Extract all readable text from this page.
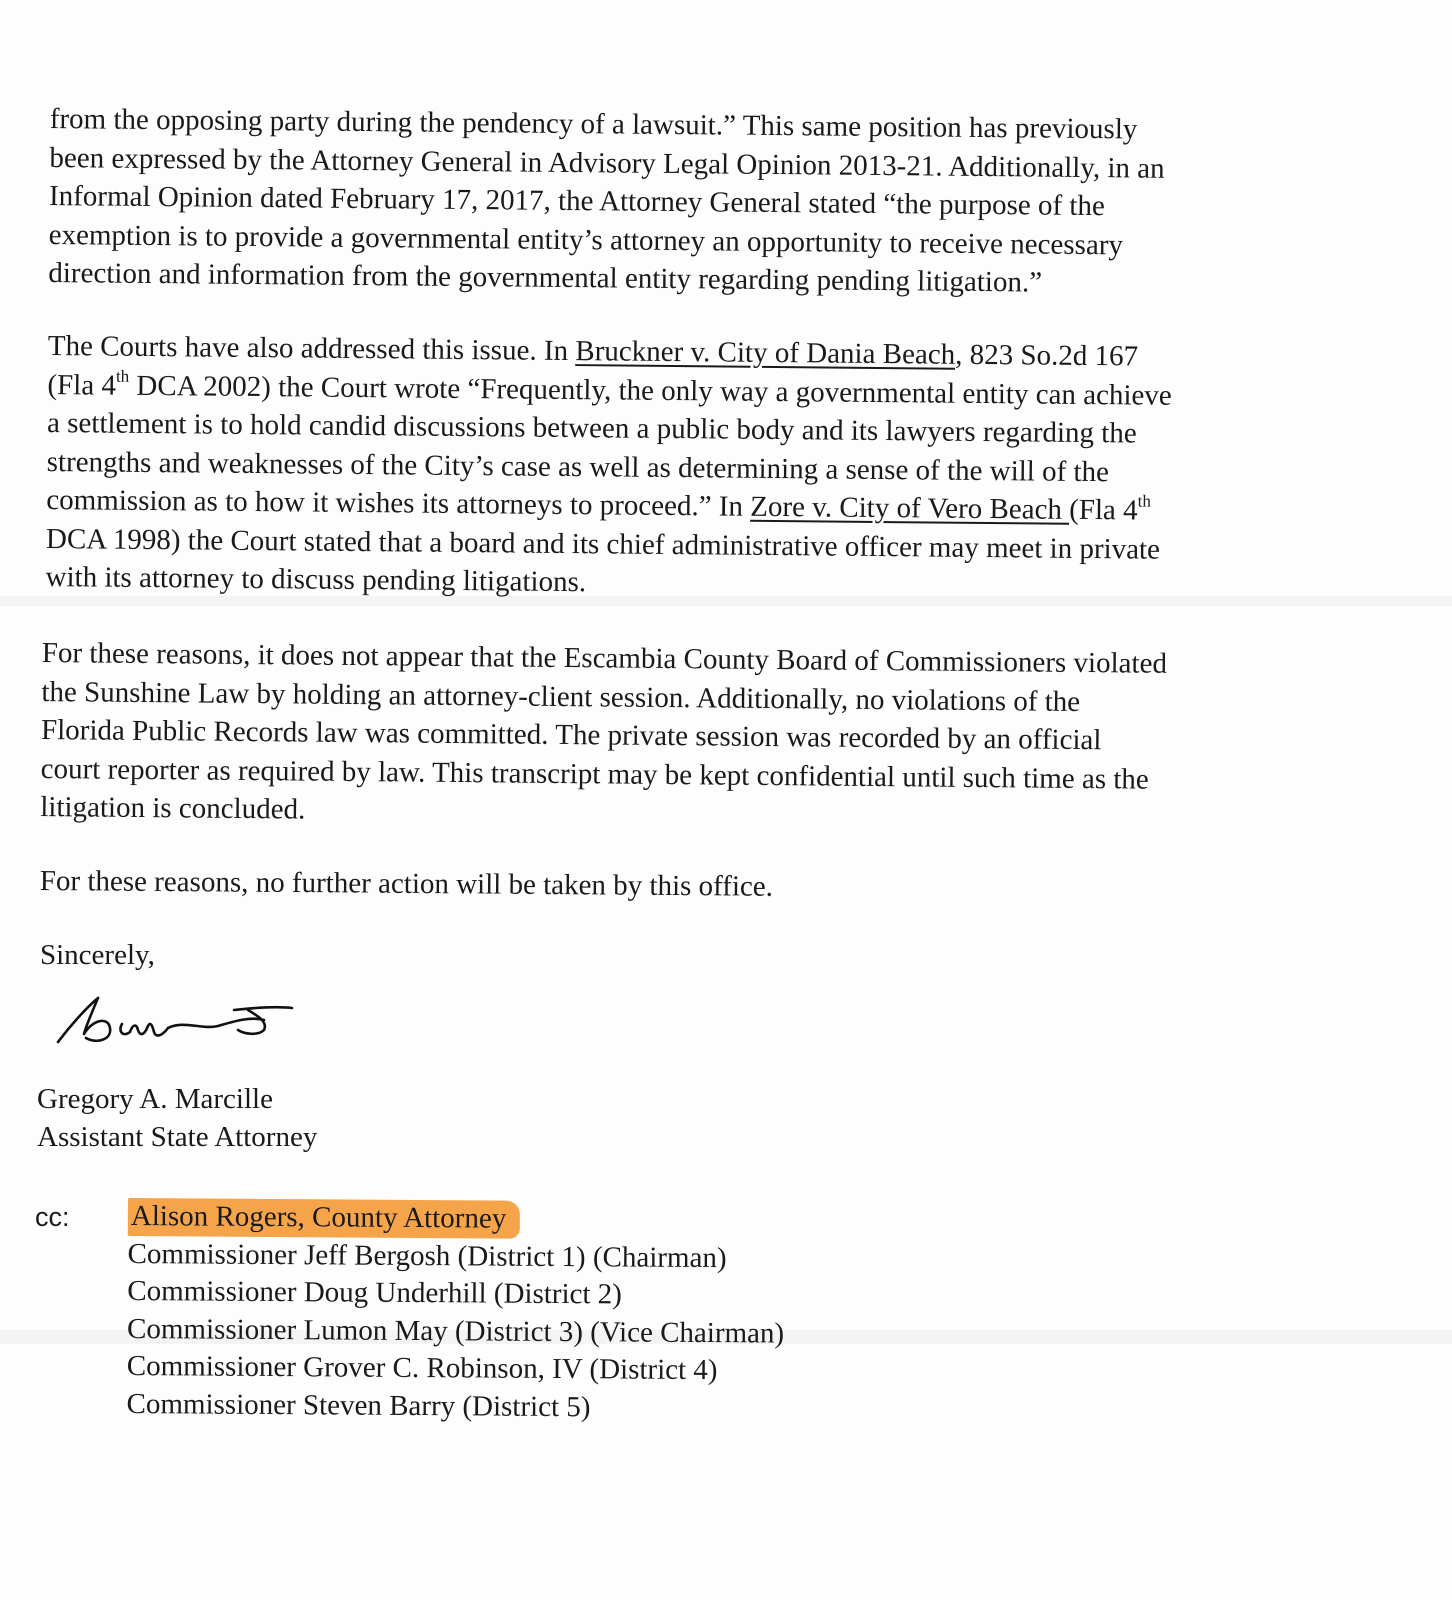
from the opposing party during the pendency of a lawsuit.” This same position has previously
been expressed by the Attorney General in Advisory Legal Opinion 2013-21. Additionally, in an
Informal Opinion dated February 17, 2017, the Attorney General stated “the purpose of the
exemption is to provide a governmental entity’s attorney an opportunity to receive necessary
direction and information from the governmental entity regarding pending litigation.”

The Courts have also addressed this issue. In Bruckner v. City of Dania Beach, 823 So.2d 167
(Fla 4th DCA 2002) the Court wrote “Frequently, the only way a governmental entity can achieve
a settlement is to hold candid discussions between a public body and its lawyers regarding the
strengths and weaknesses of the City’s case as well as determining a sense of the will of the
commission as to how it wishes its attorneys to proceed.” In Zore v. City of Vero Beach (Fla 4th
DCA 1998) the Court stated that a board and its chief administrative officer may meet in private
with its attorney to discuss pending litigations.

For these reasons, it does not appear that the Escambia County Board of Commissioners violated
the Sunshine Law by holding an attorney-client session. Additionally, no violations of the
Florida Public Records law was committed. The private session was recorded by an official
court reporter as required by law. This transcript may be kept confidential until such time as the
litigation is concluded.

For these reasons, no further action will be taken by this office.

Sincerely,

Gregory A. Marcille
Assistant State Attorney
cc: Alison Rogers, County Attorney
Commissioner Jeff Bergosh (District 1) (Chairman)
Commissioner Doug Underhill (District 2)
Commissioner Lumon May (District 3) (Vice Chairman)
Commissioner Grover C. Robinson, IV (District 4)
Commissioner Steven Barry (District 5)
